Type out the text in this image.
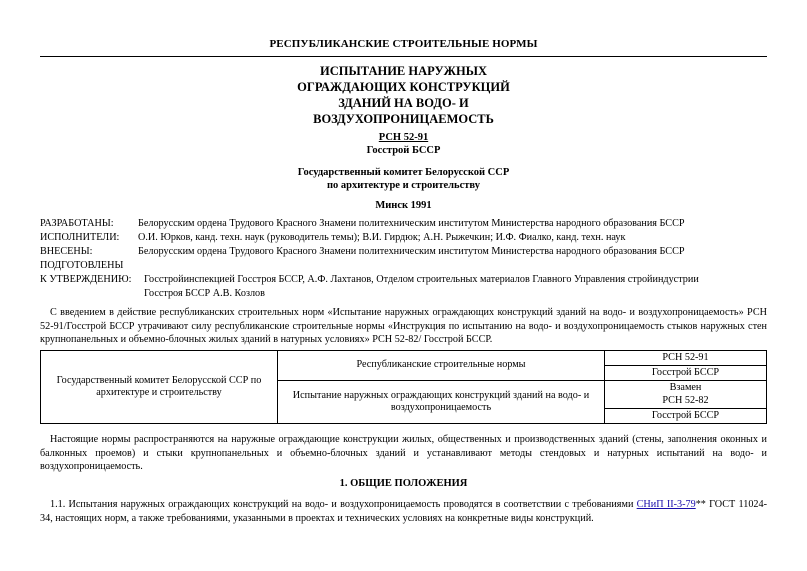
РЕСПУБЛИКАНСКИЕ СТРОИТЕЛЬНЫЕ НОРМЫ
ИСПЫТАНИЕ НАРУЖНЫХ
ОГРАЖДАЮЩИХ КОНСТРУКЦИЙ
ЗДАНИЙ НА ВОДО- И
ВОЗДУХОПРОНИЦАЕМОСТЬ
РСН 52-91
Госстрой БССР
Государственный комитет Белорусской ССР
по архитектуре и строительству
Минск 1991
РАЗРАБОТАНЫ:	Белорусским ордена Трудового Красного Знамени политехническим институтом Министерства народного образования БССР
ИСПОЛНИТЕЛИ:	О.И. Юрков, канд. техн. наук (руководитель темы); В.И. Гирдюк; А.Н. Рыжечкин; И.Ф. Фиалко, канд. техн. наук
ВНЕСЕНЫ:	Белорусским ордена Трудового Красного Знамени политехническим институтом Министерства народного образования БССР
ПОДГОТОВЛЕНЫ
К УТВЕРЖДЕНИЮ:	Госстройинспекцией Госстроя БССР, А.Ф. Лахтанов, Отделом строительных материалов Главного Управления стройиндустрии
Госстроя БССР А.В. Козлов
С введением в действие республиканских строительных норм «Испытание наружных ограждающих конструкций зданий на водо- и воздухопроницаемость» РСН 52-91/Госстрой БССР утрачивают силу республиканские строительные нормы «Инструкция по испытанию на водо- и воздухопроницаемость стыков наружных стен крупнопанельных и объемно-блочных жилых зданий в натурных условиях» РСН 52-82/ Госстрой БССР.
Государственный комитет Белорусской ССР по архитектуре и строительству	Республиканские строительные нормы	РСН 52-91
		Госстрой БССР
	Испытание наружных ограждающих конструкций зданий на водо- и воздухопроницаемость	Взамен
		РСН 52-82
		Госстрой БССР
Настоящие нормы распространяются на наружные ограждающие конструкции жилых, общественных и производственных зданий (стены, заполнения оконных и балконных проемов) и стыки крупнопанельных и объемно-блочных зданий и устанавливают методы стендовых и натурных испытаний на водо- и воздухопроницаемость.
1. ОБЩИЕ ПОЛОЖЕНИЯ
1.1. Испытания наружных ограждающих конструкций на водо- и воздухопроницаемость проводятся в соответствии с требованиями СНиП II-3-79** ГОСТ 11024-34, настоящих норм, а также требованиями, указанными в проектах и технических условиях на конкретные виды конструкций.
